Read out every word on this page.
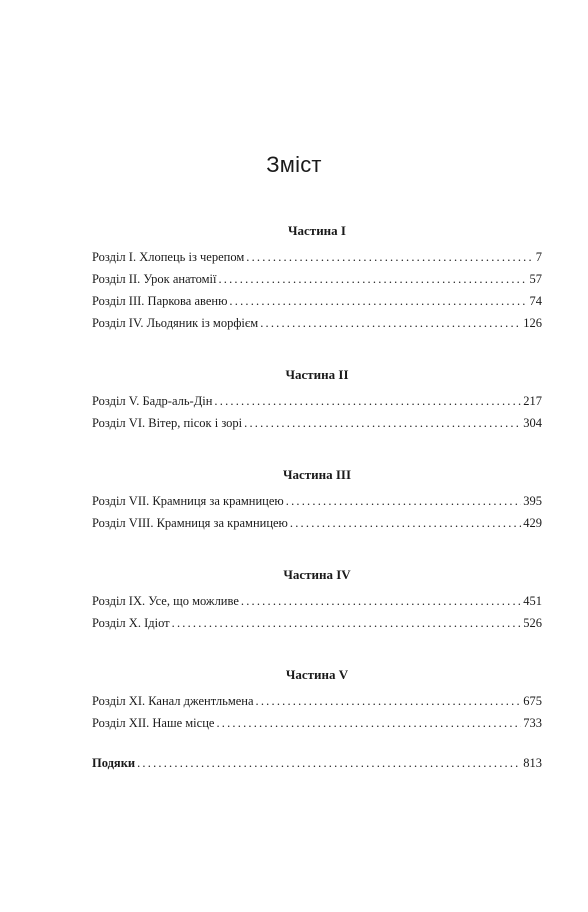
Зміст
Частина I
Розділ I. Хлопець із черепом .....	7
Розділ II. Урок анатомії .....	57
Розділ III. Паркова авеню .....	74
Розділ IV. Льодяник із морфієм .....	126
Частина II
Розділ V. Бадр-аль-Дін .....	217
Розділ VI. Вітер, пісок і зорі .....	304
Частина III
Розділ VII. Крамниця за крамницею .....	395
Розділ VIII. Крамниця за крамницею .....	429
Частина IV
Розділ IX. Усе, що можливе .....	451
Розділ X. Ідіот .....	526
Частина V
Розділ XI. Канал джентльмена .....	675
Розділ XII. Наше місце .....	733
Подяки .....	813
